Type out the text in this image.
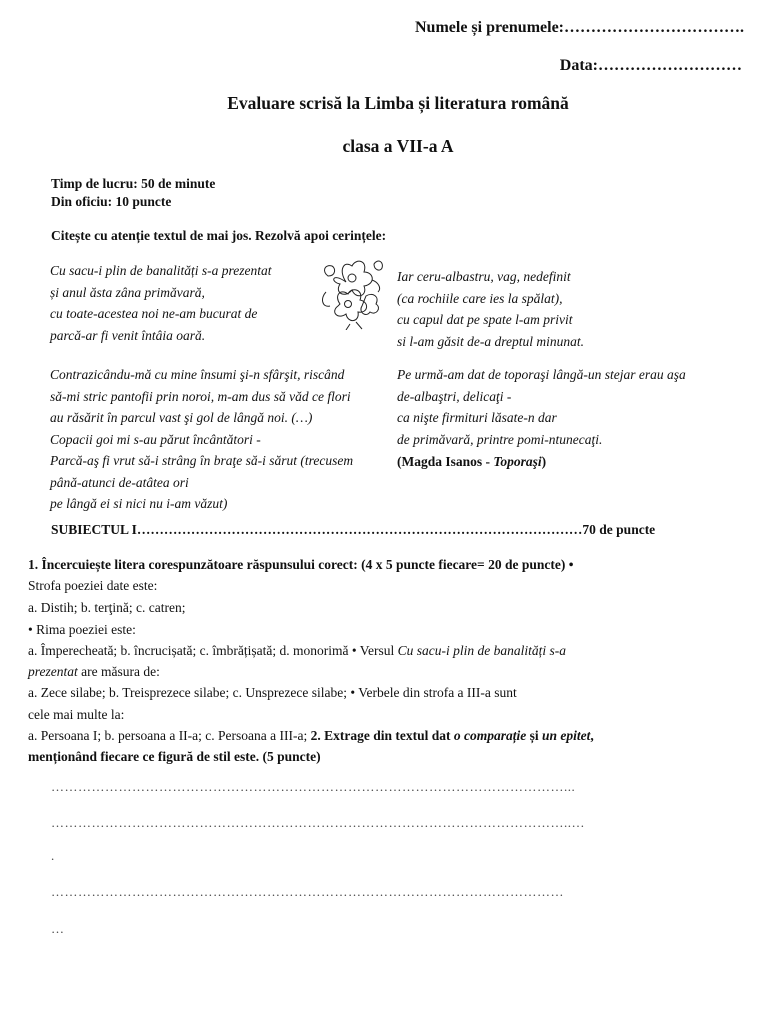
Numele și prenumele:…………………………….
Data:………………………
Evaluare scrisă la Limba și literatura română
clasa a VII-a A
Timp de lucru: 50 de minute
Din oficiu: 10 puncte
Citește cu atenție textul de mai jos. Rezolvă apoi cerințele:
Cu sacu-i plin de banalități s-a prezentat
și anul ăsta zâna primăvară,
cu toate-acestea noi ne-am bucurat de
parcă-ar fi venit întâia oară.
Iar ceru-albastru, vag, nedefinit
(ca rochiile care ies la spălat),
cu capul dat pe spate l-am privit
si l-am găsit de-a dreptul minunat.
Contrazicându-mă cu mine însumi şi-n sfârşit, riscând
să-mi stric pantofii prin noroi, m-am dus să văd ce flori
au răsărit în parcul vast şi gol de lângă noi. (…)
Copacii goi mi s-au părut încântători -
Parcă-aş fi vrut să-i strâng în braţe să-i sărut (trecusem
până-atunci de-atâtea ori
pe lângă ei si nici nu i-am văzut)
Pe urmă-am dat de toporaşi lângă-un stejar erau aşa
de-albaştri, delicaţi -
ca nişte firmituri lăsate-n dar
de primăvară, printre pomi-ntunecaţi.
(Magda Isanos - Toporaşi)
SUBIECTUL I………………………………………………………………………………………70 de puncte
1. Încercuiește litera corespunzătoare răspunsului corect: (4 x 5 puncte fiecare= 20 de puncte) •
Strofa poeziei date este:
a. Distih; b. terţină; c. catren;
• Rima poeziei este:
a. Împerecheată; b. încrucișată; c. îmbrățișată; d. monorimă • Versul Cu sacu-i plin de banalități s-a
prezentat are măsura de:
a. Zece silabe; b. Treisprezece silabe; c. Unsprezece silabe; • Verbele din strofa a III-a sunt
cele mai multe la:
a. Persoana I; b. persoana a II-a; c. Persoana a III-a; 2. Extrage din textul dat o comparație și un epitet,
menționând fiecare ce figură de stil este. (5 puncte)
……………………………………………………………………………………………………...
……………………………………………………………………………………………………..…
.
……………………………………………………………………………………………………
…
